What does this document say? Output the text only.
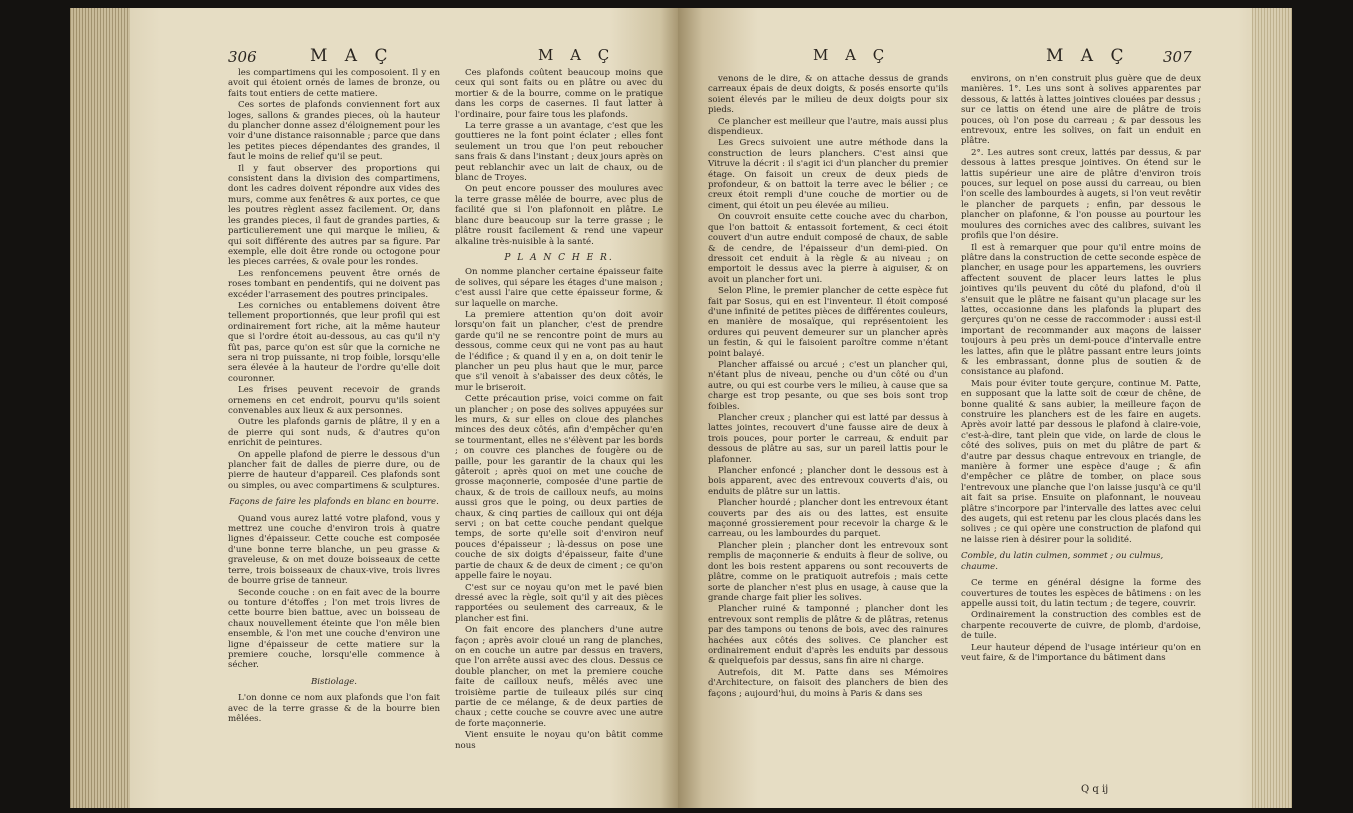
306	M A Ç	M A Ç

les compartimens qui les composoient. Il y en avoit qui étoient ornés de lames de bronze, ou faits tout entiers de cette matiere.

Ces sortes de plafonds conviennent fort aux loges, sallons & grandes pieces, où la hauteur du plancher donne assez d'éloignement pour les voir d'une distance raisonnable ; parce que dans les petites pieces dépendantes des grandes, il faut le moins de relief qu'il se peut.

Il y faut observer des proportions qui consistent dans la division des compartimens, dont les cadres doivent répondre aux vides des murs, comme aux fenêtres & aux portes, ce que les poutres règlent assez facilement. Or, dans les grandes pieces, il faut de grandes parties, & particulierement une qui marque le milieu, & qui soit différente des autres par sa figure. Par exemple, elle doit être ronde ou octogone pour les pieces carrées, & ovale pour les rondes.

Les renfoncemens peuvent être ornés de roses tombant en pendentifs, qui ne doivent pas excéder l'arrasement des poutres principales.

Les corniches ou entablemens doivent être tellement proportionnés, que leur profil qui est ordinairement fort riche, ait la même hauteur que si l'ordre étoit au-dessous, au cas qu'il n'y fût pas, parce qu'on est sûr que la corniche ne sera ni trop puissante, ni trop foible, lorsqu'elle sera élevée à la hauteur de l'ordre qu'elle doit couronner.

Les frises peuvent recevoir de grands ornemens en cet endroit, pourvu qu'ils soient convenables aux lieux & aux personnes.

Outre les plafonds garnis de plâtre, il y en a de pierre qui sont nuds, & d'autres qu'on enrichit de peintures.

On appelle plafond de pierre le dessous d'un plancher fait de dalles de pierre dure, ou de pierre de hauteur d'appareil. Ces plafonds sont ou simples, ou avec compartimens & sculptures.

Façons de faire les plafonds en blanc en bourre.

Quand vous aurez latté votre plafond, vous y mettrez une couche d'environ trois à quatre lignes d'épaisseur. Cette couche est composée d'une bonne terre blanche, un peu grasse & graveleuse, & on met douze boisseaux de cette terre, trois boisseaux de chaux-vive, trois livres de bourre grise de tanneur.

Seconde couche : on en fait avec de la bourre ou tonture d'étoffes ; l'on met trois livres de cette bourre bien battue, avec un boisseau de chaux nouvellement éteinte que l'on mêle bien ensemble, & l'on met une couche d'environ une ligne d'épaisseur de cette matiere sur la premiere couche, lorsqu'elle commence à sécher.

Bistiolage.

L'on donne ce nom aux plafonds que l'on fait avec de la terre grasse & de la bourre bien mêlées.

Ces plafonds coûtent beaucoup moins que ceux qui sont faits ou en plâtre ou avec du mortier & de la bourre, comme on le pratique dans les corps de casernes. Il faut latter à l'ordinaire, pour faire tous les plafonds.

La terre grasse a un avantage, c'est que les gouttieres ne la font point éclater ; elles font seulement un trou que l'on peut reboucher sans frais & dans l'instant ; deux jours après on peut reblanchir avec un lait de chaux, ou de blanc de Troyes.

On peut encore pousser des moulures avec la terre grasse mêlée de bourre, avec plus de facilité que si l'on plafonnoit en plâtre. Le blanc dure beaucoup sur la terre grasse ; le plâtre rousit facilement & rend une vapeur alkaline très-nuisible à la santé.

P L A N C H E R.

On nomme plancher certaine épaisseur faite de solives, qui sépare les étages d'une maison ; c'est aussi l'aire que cette épaisseur forme, & sur laquelle on marche.

La premiere attention qu'on doit avoir lorsqu'on fait un plancher, c'est de prendre garde qu'il ne se rencontre point de murs au dessous, comme ceux qui ne vont pas au haut de l'édifice ; & quand il y en a, on doit tenir le plancher un peu plus haut que le mur, parce que s'il venoit à s'abaisser des deux côtés, le mur le briseroit.

Cette précaution prise, voici comme on fait un plancher ; on pose des solives appuyées sur les murs, & sur elles on cloue des planches minces des deux côtés, afin d'empêcher qu'en se tourmentant, elles ne s'élèvent par les bords ; on couvre ces planches de fougère ou de paille, pour les garantir de la chaux qui les gâteroit ; après quoi on met une couche de grosse maçonnerie, composée d'une partie de chaux, & de trois de cailloux neufs, au moins aussi gros que le poing, ou deux parties de chaux, & cinq parties de cailloux qui ont déja servi ; on bat cette couche pendant quelque temps, de sorte qu'elle soit d'environ neuf pouces d'épaisseur ; là-dessus on pose une couche de six doigts d'épaisseur, faite d'une partie de chaux & de deux de ciment ; ce qu'on appelle faire le noyau.

C'est sur ce noyau qu'on met le pavé bien dressé avec la règle, soit qu'il y ait des pièces rapportées ou seulement des carreaux, & le plancher est fini.

On fait encore des planchers d'une autre façon ; après avoir cloué un rang de planches, on en couche un autre par dessus en travers, que l'on arrête aussi avec des clous. Dessus ce double plancher, on met la premiere couche faite de cailloux neufs, mêlés avec une troisième partie de tuileaux pilés sur cinq partie de ce mélange, & de deux parties de chaux ; cette couche se couvre avec une autre de forte maçonnerie.

Vient ensuite le noyau qu'on bâtit comme nous

M A Ç	M A Ç 307

venons de le dire, & on attache dessus de grands carreaux épais de deux doigts, & posés ensorte qu'ils soient élevés par le milieu de deux doigts pour six pieds.

Ce plancher est meilleur que l'autre, mais aussi plus dispendieux.

Les Grecs suivoient une autre méthode dans la construction de leurs planchers. C'est ainsi que Vitruve la décrit : il s'agit ici d'un plancher du premier étage. On faisoit un creux de deux pieds de profondeur, & on battoit la terre avec le bélier ; ce creux étoit rempli d'une couche de mortier ou de ciment, qui étoit un peu élevée au milieu.

On couvroit ensuite cette couche avec du charbon, que l'on battoit & entassoit fortement, & ceci étoit couvert d'un autre enduit composé de chaux, de sable & de cendre, de l'épaisseur d'un demi-pied. On dressoit cet enduit à la règle & au niveau ; on emportoit le dessus avec la pierre à aiguiser, & on avoit un plancher fort uni.

Selon Pline, le premier plancher de cette espèce fut fait par Sosus, qui en est l'inventeur. Il étoit composé d'une infinité de petites pièces de différentes couleurs, en manière de mosaïque, qui représentoient les ordures qui peuvent demeurer sur un plancher après un festin, & qui le faisoient paroître comme n'étant point balayé.

Plancher affaissé ou arcué ; c'est un plancher qui, n'étant plus de niveau, penche ou d'un côté ou d'un autre, ou qui est courbe vers le milieu, à cause que sa charge est trop pesante, ou que ses bois sont trop foibles.

Plancher creux ; plancher qui est latté par dessus à lattes jointes, recouvert d'une fausse aire de deux à trois pouces, pour porter le carreau, & enduit par dessous de plâtre au sas, sur un pareil lattis pour le plafonner.

Plancher enfoncé ; plancher dont le dessous est à bois apparent, avec des entrevoux couverts d'ais, ou enduits de plâtre sur un lattis.

Plancher hourdé ; plancher dont les entrevoux étant couverts par des ais ou des lattes, est ensuite maçonné grossierement pour recevoir la charge & le carreau, ou les lambourdes du parquet.

Plancher plein ; plancher dont les entrevoux sont remplis de maçonnerie & enduits à fleur de solive, ou dont les bois restent apparens ou sont recouverts de plâtre, comme on le pratiquoit autrefois ; mais cette sorte de plancher n'est plus en usage, à cause que la grande charge fait plier les solives.

Plancher ruiné & tamponné ; plancher dont les entrevoux sont remplis de plâtre & de plâtras, retenus par des tampons ou tenons de bois, avec des rainures hachées aux côtés des solives. Ce plancher est ordinairement enduit d'après les enduits par dessous & quelquefois par dessus, sans fin aire ni charge.

Autrefois, dit M. Patte dans ses Mémoires d'Architecture, on faisoit des planchers de bien des façons ; aujourd'hui, du moins à Paris & dans ses

environs, on n'en construit plus guère que de deux manières. 1°. Les uns sont à solives apparentes par dessous, & lattés à lattes jointives clouées par dessus ; sur ce lattis on étend une aire de plâtre de trois pouces, où l'on pose du carreau ; & par dessous les entrevoux, entre les solives, on fait un enduit en plâtre.

2°. Les autres sont creux, lattés par dessus, & par dessous à lattes presque jointives. On étend sur le lattis supérieur une aire de plâtre d'environ trois pouces, sur lequel on pose aussi du carreau, ou bien l'on scelle des lambourdes à augets, si l'on veut revêtir le plancher de parquets ; enfin, par dessous le plancher on plafonne, & l'on pousse au pourtour les moulures des corniches avec des calibres, suivant les profils que l'on désire.

Il est à remarquer que pour qu'il entre moins de plâtre dans la construction de cette seconde espèce de plancher, en usage pour les appartemens, les ouvriers affectent souvent de placer leurs lattes le plus jointives qu'ils peuvent du côté du plafond, d'où il s'ensuit que le plâtre ne faisant qu'un placage sur les lattes, occasionne dans les plafonds la plupart des gerçures qu'on ne cesse de raccommoder : aussi est-il important de recommander aux maçons de laisser toujours à peu près un demi-pouce d'intervalle entre les lattes, afin que le plâtre passant entre leurs joints & les embrassant, donne plus de soutien & de consistance au plafond.

Mais pour éviter toute gerçure, continue M. Patte, en supposant que la latte soit de cœur de chêne, de bonne qualité & sans aubier, la meilleure façon de construire les planchers est de les faire en augets. Après avoir latté par dessous le plafond à claire-voie, c'est-à-dire, tant plein que vide, on larde de clous le côté des solives, puis on met du plâtre de part & d'autre par dessus chaque entrevoux en triangle, de manière à former une espèce d'auge ; & afin d'empêcher ce plâtre de tomber, on place sous l'entrevoux une planche que l'on laisse jusqu'à ce qu'il ait fait sa prise. Ensuite on plafonnant, le nouveau plâtre s'incorpore par l'intervalle des lattes avec celui des augets, qui est retenu par les clous placés dans les solives ; ce qui opère une construction de plafond qui ne laisse rien à désirer pour la solidité.

Comble, du latin culmen, sommet ; ou culmus, chaume.

Ce terme en général désigne la forme des couvertures de toutes les espèces de bâtimens : on les appelle aussi toit, du latin tectum ; de tegere, couvrir.

Ordinairement la construction des combles est de charpente recouverte de cuivre, de plomb, d'ardoise, de tuile.

Leur hauteur dépend de l'usage intérieur qu'on en veut faire, & de l'importance du bâtiment dans

Q q ij
